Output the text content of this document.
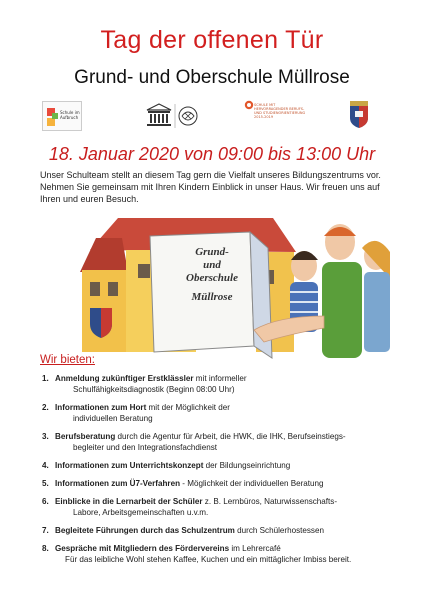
Tag der offenen Tür
Grund- und Oberschule Müllrose
Schule im Aufbruch
SCHULE MIT HERVORRAGENDER BERUFS- UND STUDIENORIENTIERUNG 2015-2019
18. Januar 2020 von 09:00 bis 13:00 Uhr
Unser Schulteam stellt an diesem Tag gern die Vielfalt unseres Bildungszentrums vor. Nehmen Sie gemeinsam mit Ihren Kindern Einblick in unser Haus. Wir freuen uns auf Ihren und euren Besuch.
Grund-
und
Oberschule
Müllrose
Wir bieten:
1. Anmeldung zukünftiger Erstklässler mit informeller
Schulfähigkeitsdiagnostik (Beginn 08:00 Uhr)
2. Informationen zum Hort mit der Möglichkeit der
individuellen Beratung
3. Berufsberatung durch die Agentur für Arbeit, die HWK, die IHK, Berufseinstiegs-
begleiter und den Integrationsfachdienst
4. Informationen zum Unterrichtskonzept der Bildungseinrichtung
5. Informationen zum Ü7-Verfahren - Möglichkeit der individuellen Beratung
6. Einblicke in die Lernarbeit der Schüler z. B. Lernbüros, Naturwissenschafts-
Labore, Arbeitsgemeinschaften u.v.m.
7. Begleitete Führungen durch das Schulzentrum durch Schülerhostessen
8. Gespräche mit Mitgliedern des Fördervereins im Lehrercafé
Für das leibliche Wohl stehen Kaffee, Kuchen und ein mittäglicher Imbiss bereit.
